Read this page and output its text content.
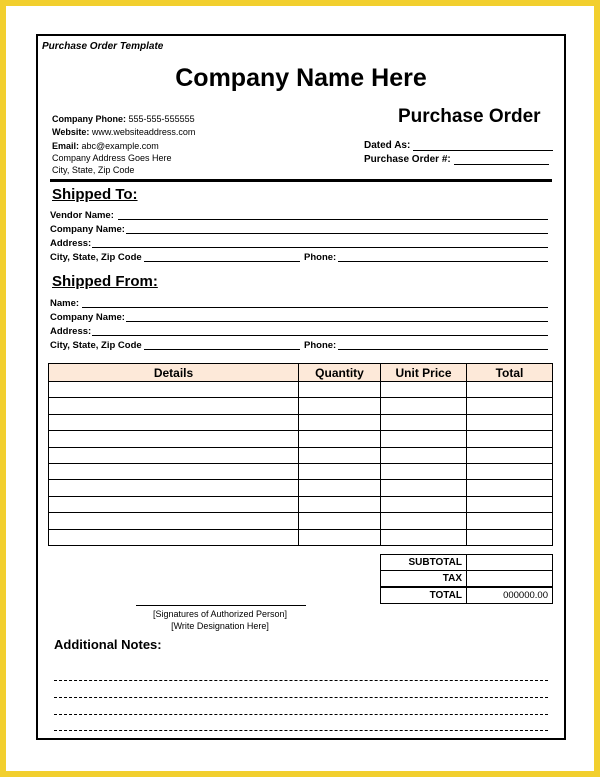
Purchase Order Template
Company Name Here
Purchase Order
Company Phone: 555-555-555555
Website: www.websiteaddress.com
Email: abc@example.com
Company Address Goes Here
City, State, Zip Code
Dated As:
Purchase Order #:
Shipped To:
Vendor Name:
Company Name:
Address:
City, State, Zip Code	Phone:
Shipped From:
Name:
Company Name:
Address:
City, State, Zip Code	Phone:
Details	Quantity	Unit Price	Total

SUBTOTAL	
TAX	
TOTAL	000000.00
[Signatures of Authorized Person]
[Write Designation Here]
Additional Notes:
